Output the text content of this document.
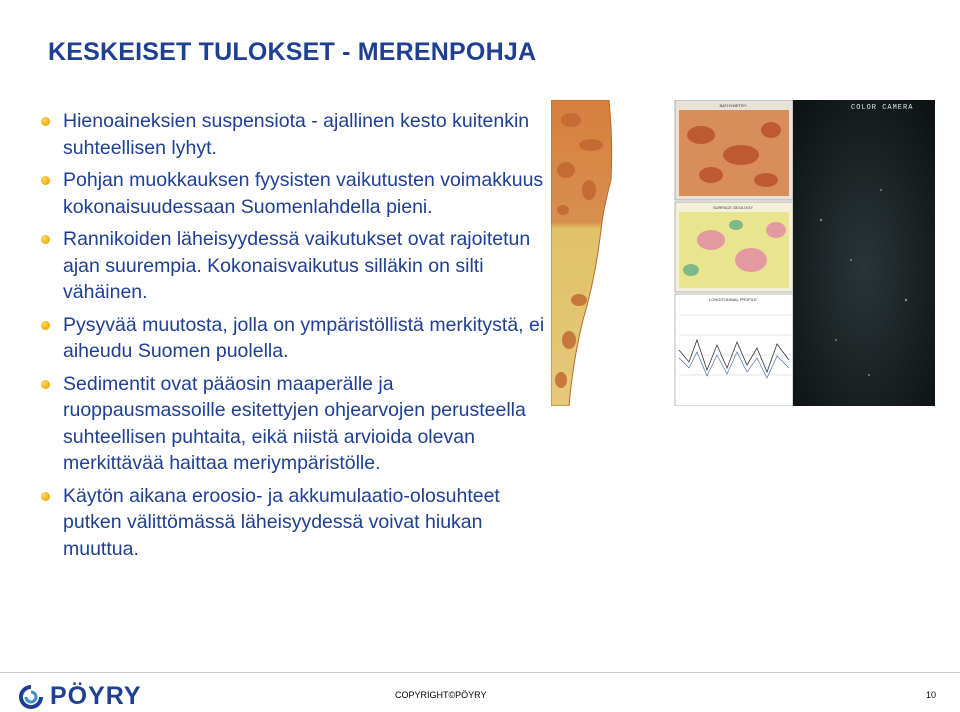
KESKEISET TULOKSET - MERENPOHJA
Hienoaineksien suspensiota - ajallinen kesto kuitenkin suhteellisen lyhyt.
Pohjan muokkauksen fyysisten vaikutusten voimakkuus kokonaisuudessaan Suomenlahdella pieni.
Rannikoiden läheisyydessä vaikutukset ovat rajoitetun ajan suurempia. Kokonaisvaikutus silläkin on silti vähäinen.
Pysyvää muutosta, jolla on ympäristöllistä merkitystä, ei aiheudu Suomen puolella.
Sedimentit ovat pääosin maaperälle ja ruoppausmassoille esitettyjen ohjearvojen perusteella suhteellisen puhtaita, eikä niistä arvioida olevan merkittävää haittaa meriympäristölle.
Käytön aikana eroosio- ja akkumulaatio-olosuhteet putken välittömässä läheisyydessä voivat hiukan muuttua.
BATHYMETRY
SURFACE GEOLOGY
LONGITUDINAL PROFILE
COLOR CAMERA
PÖYRY	COPYRIGHT©PÖYRY	10
